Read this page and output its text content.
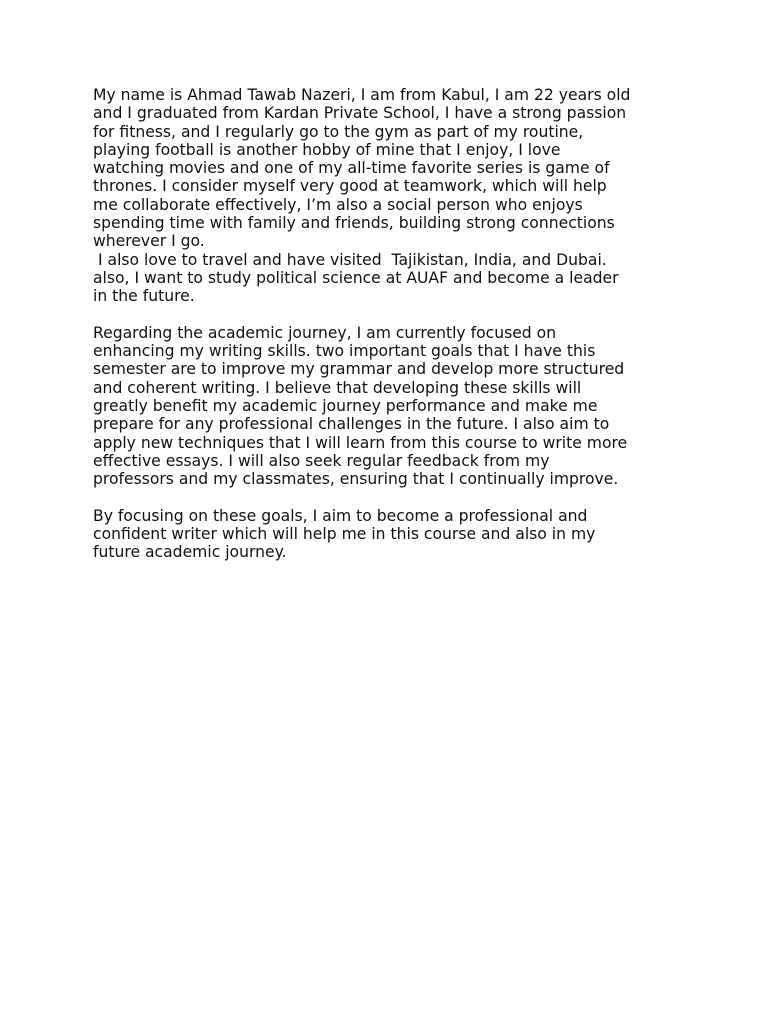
My name is Ahmad Tawab Nazeri, I am from Kabul, I am 22 years old
and I graduated from Kardan Private School, I have a strong passion
for fitness, and I regularly go to the gym as part of my routine,
playing football is another hobby of mine that I enjoy, I love
watching movies and one of my all-time favorite series is game of
thrones. I consider myself very good at teamwork, which will help
me collaborate effectively, I’m also a social person who enjoys
spending time with family and friends, building strong connections
wherever I go.
I also love to travel and have visited  Tajikistan, India, and Dubai.
also, I want to study political science at AUAF and become a leader
in the future.
Regarding the academic journey, I am currently focused on
enhancing my writing skills. two important goals that I have this
semester are to improve my grammar and develop more structured
and coherent writing. I believe that developing these skills will
greatly benefit my academic journey performance and make me
prepare for any professional challenges in the future. I also aim to
apply new techniques that I will learn from this course to write more
effective essays. I will also seek regular feedback from my
professors and my classmates, ensuring that I continually improve.
By focusing on these goals, I aim to become a professional and
confident writer which will help me in this course and also in my
future academic journey.
